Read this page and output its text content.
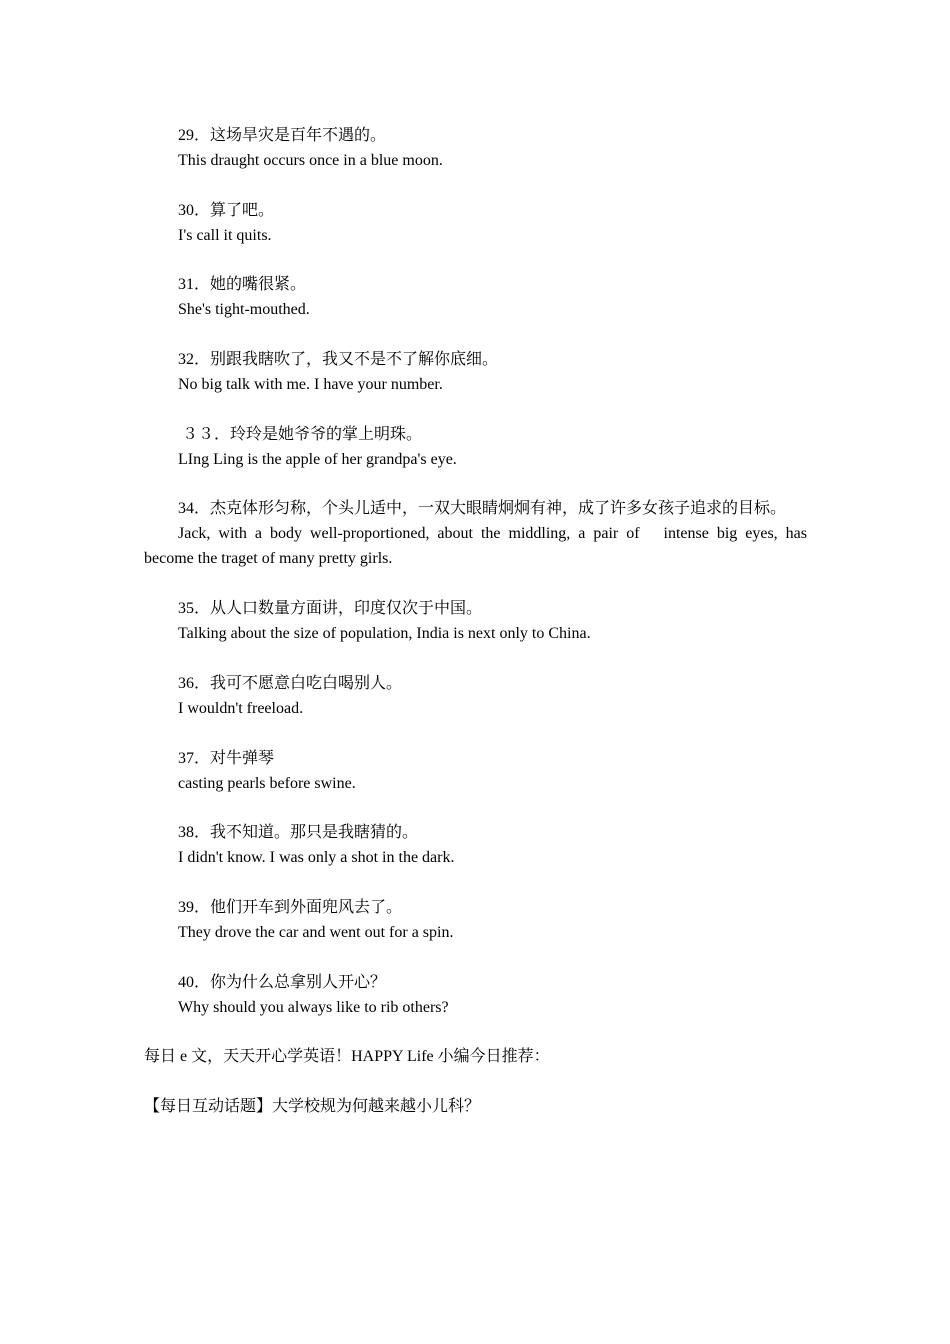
29．这场旱灾是百年不遇的。
This draught occurs once in a blue moon.
30．算了吧。
I's call it quits.
31．她的嘴很紧。
She's tight-mouthed.
32．别跟我瞎吹了，我又不是不了解你底细。
No big talk with me. I have your number.
３３．玲玲是她爷爷的掌上明珠。
LIng Ling is the apple of her grandpa's eye.
34．杰克体形匀称，个头儿适中，一双大眼睛炯炯有神，成了许多女孩子追求的目标。
Jack, with a body well-proportioned, about the middling, a pair of   intense big eyes, has
become the traget of many pretty girls.
35．从人口数量方面讲，印度仅次于中国。
Talking about the size of population, India is next only to China.
36．我可不愿意白吃白喝别人。
I wouldn't freeload.
37．对牛弹琴
casting pearls before swine.
38．我不知道。那只是我瞎猜的。
I didn't know. I was only a shot in the dark.
39．他们开车到外面兜风去了。
They drove the car and went out for a spin.
40．你为什么总拿别人开心？
Why should you always like to rib others?
每日 e 文，天天开心学英语！HAPPY Life 小编今日推荐：
【每日互动话题】大学校规为何越来越小儿科？
